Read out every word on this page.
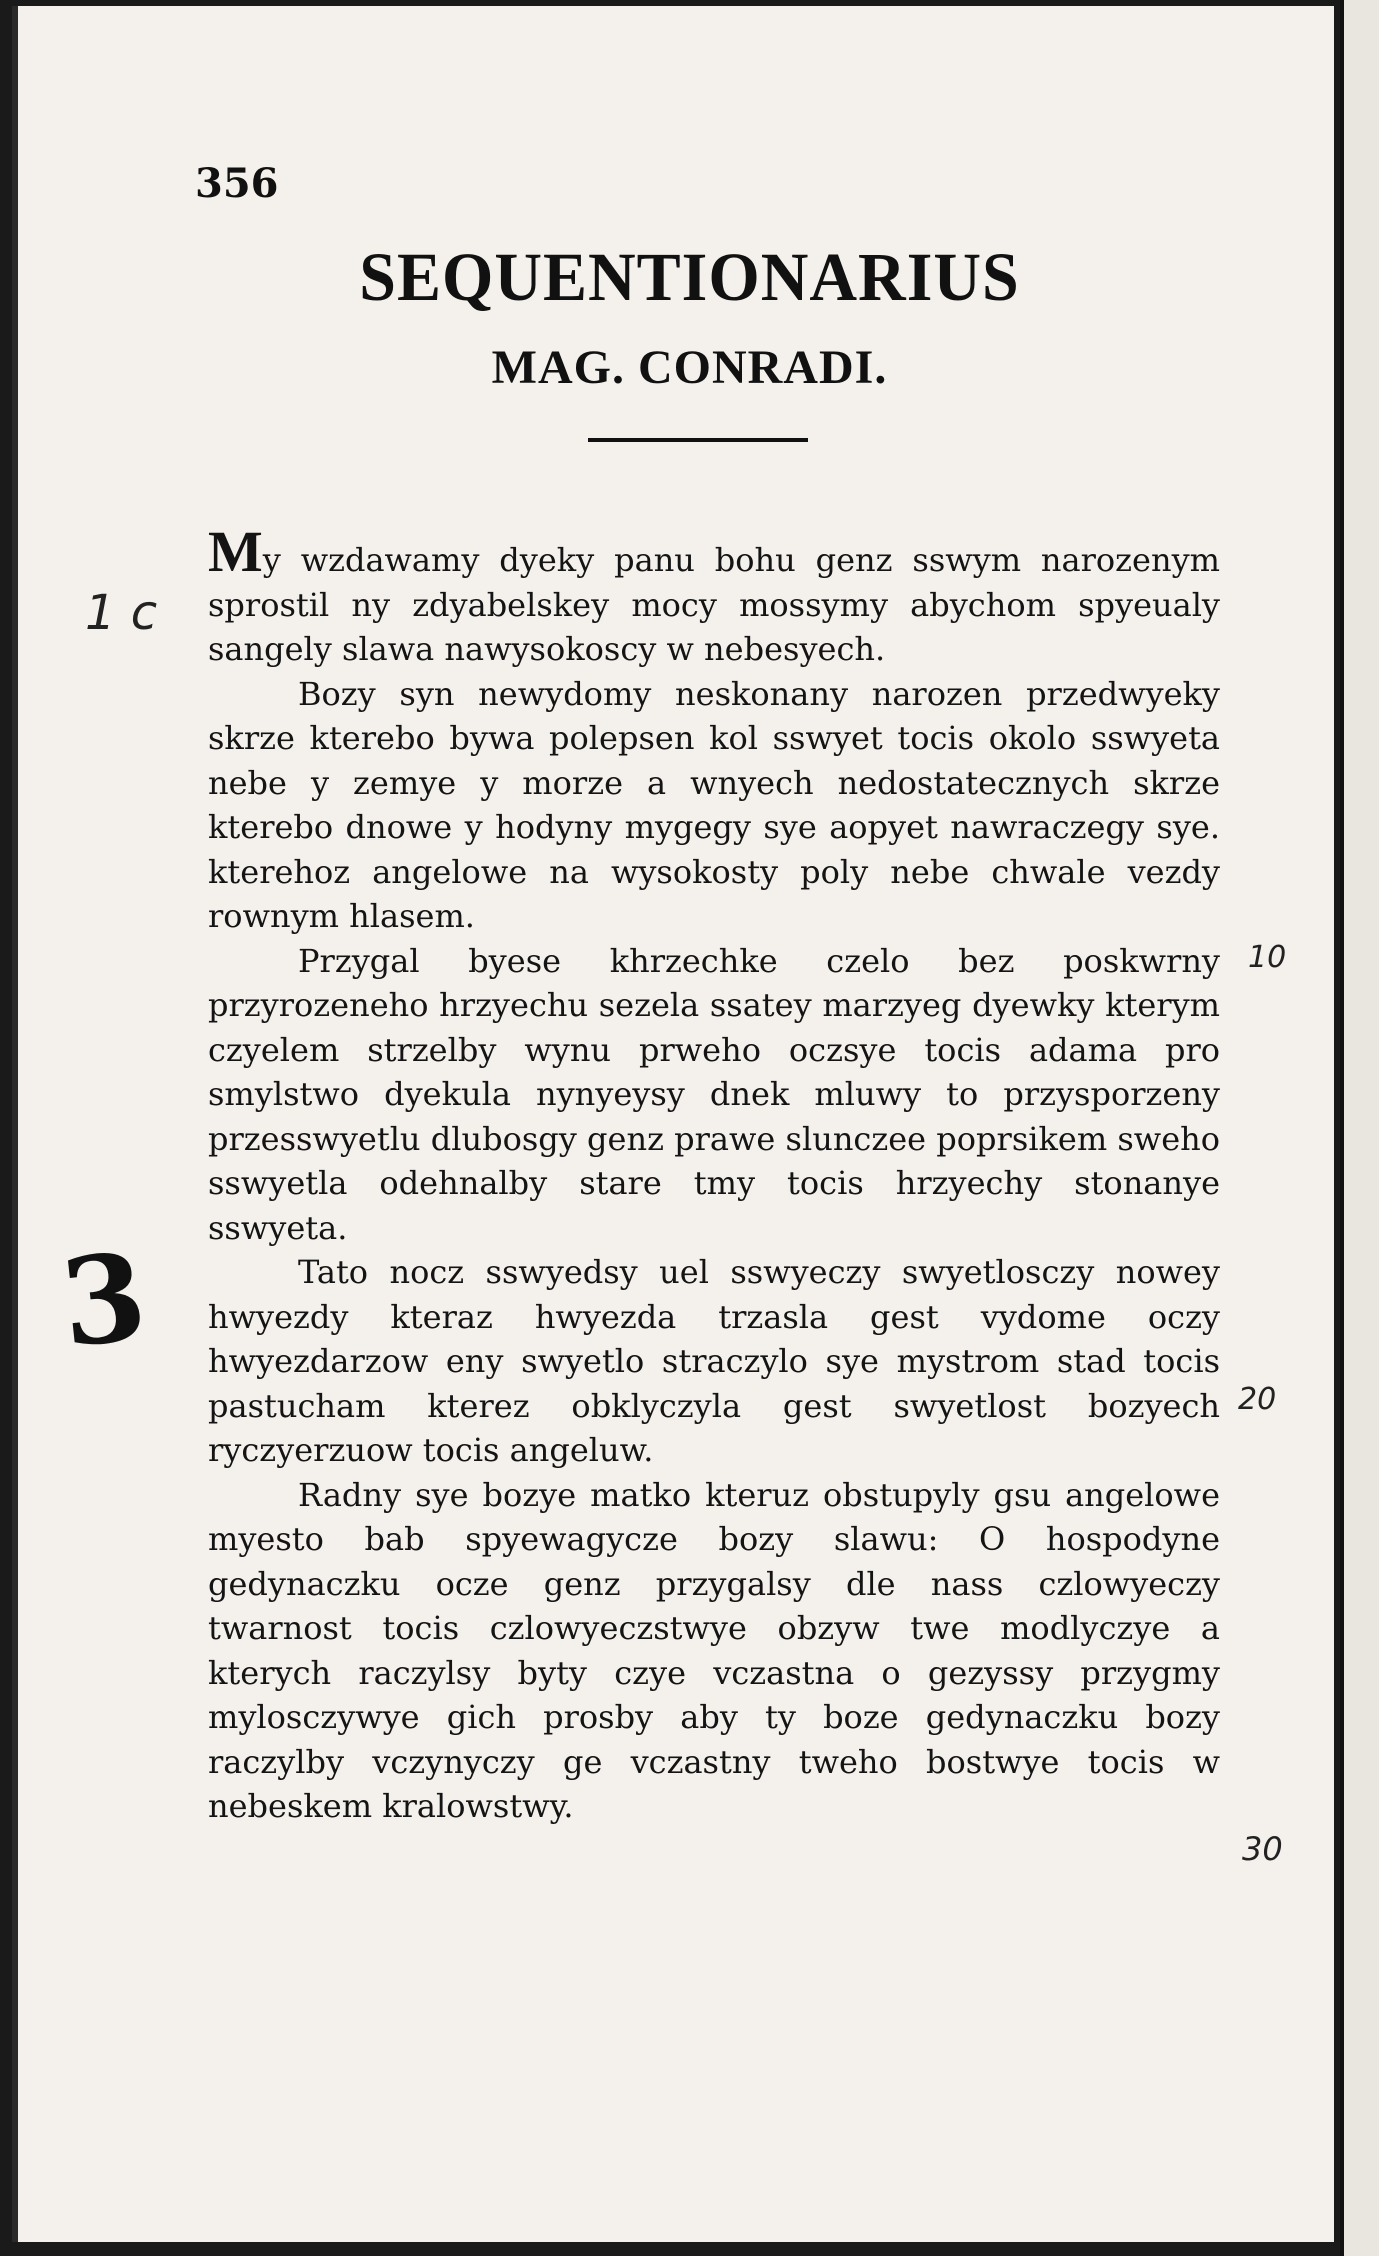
356
SEQUENTIONARIUS
MAG. CONRADI.

My wzdawamy dyeky panu bohu genz sswym narozenym sprostil ny zdyabelskey mocy mossymy abychom spyeualy sangely slawa nawysokoscy w nebesyech.

Bozy syn newydomy neskonany narozen przedwyeky skrze kterebo bywa polepsen kol sswyet tocis okolo sswyeta nebe y zemye y morze a wnyech nedostatecznych skrze kterebo dnowe y hodyny mygegy sye aopyet nawraczegy sye. kterehoz angelowe na wysokosty poly nebe chwale vezdy rownym hlasem.

Przygal byese khrzechke czelo bez poskwrny przyrozeneho hrzyechu sezela ssatey marzyeg dyewky kterym czyelem strzelby wynu prweho oczsye tocis adama pro smylstwo dyekula nynyeysy dnek mluwy to przysporzeny przesswyetlu dlubosgy genz prawe slunczee poprsikem sweho sswyetla odehnalby stare tmy tocis hrzyechy stonanye sswyeta.

Tato nocz sswyedsy uel sswyeczy swyetlosczy nowey hwyezdy kteraz hwyezda trzasla gest vydome oczy hwyezdarzow eny swyetlo straczylo sye mystrom stad tocis pastucham kterez obklyczyla gest swyetlost bozyech ryczyerzuow tocis angeluw.

Radny sye bozye matko kteruz obstupyly gsu angelowe myesto bab spyewagycze bozy slawu: O hospodyne gedynaczku ocze genz przygalsy dle nass czlowyeczy twarnost tocis czlowyeczstwye obzyw twe modlyczye a kterych raczylsy byty czye vczastna o gezyssy przygmy mylosczywye gich prosby aby ty boze gedynaczku bozy raczylby vczynyczy ge vczastny tweho bostwye tocis w nebeskem kralowstwy.

1 c
10
20
30
3
